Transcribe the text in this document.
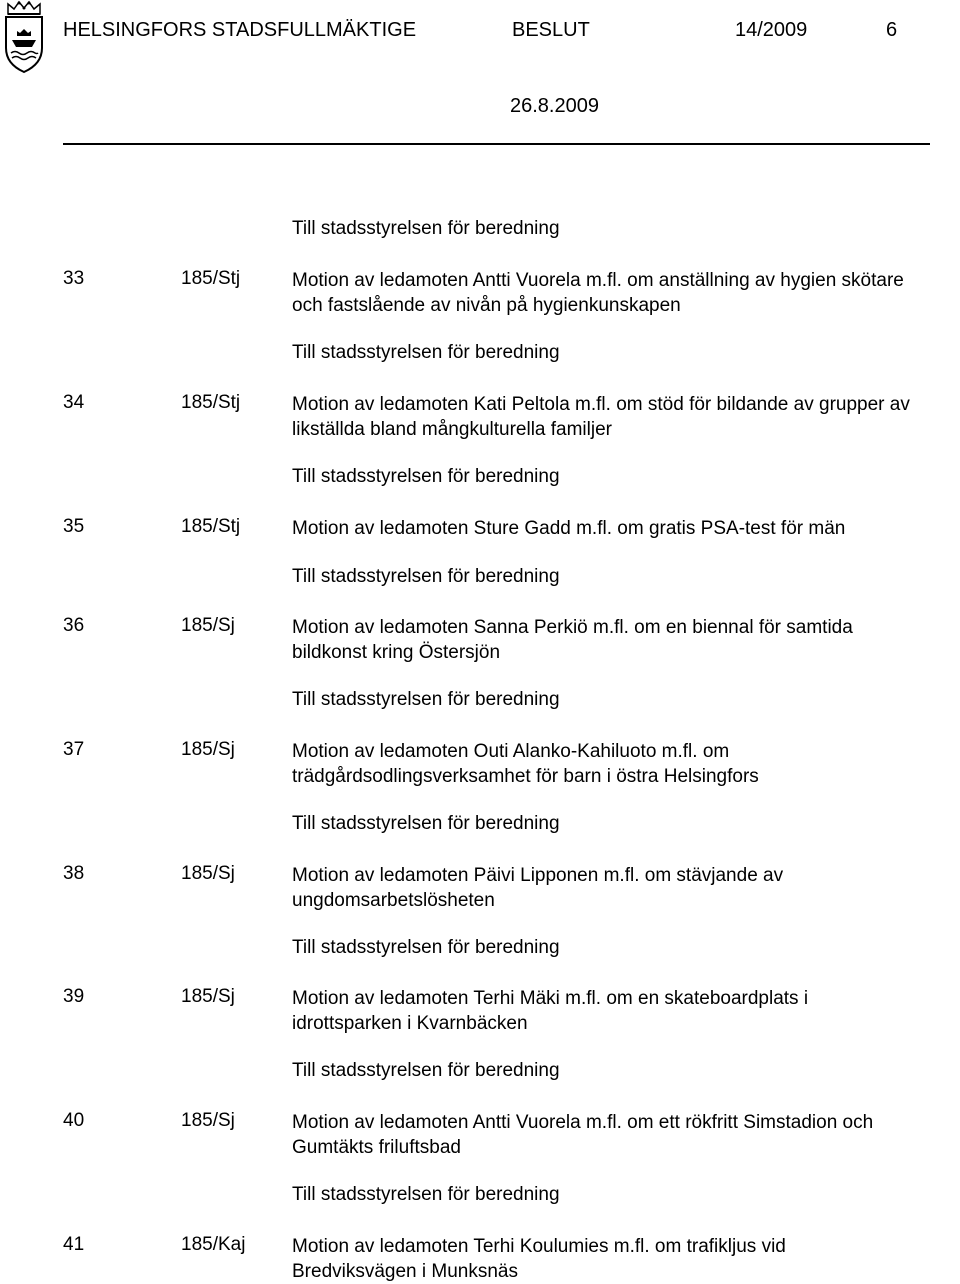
HELSINGFORS STADSFULLMÄKTIGE	BESLUT	14/2009	6
26.8.2009
Till stadsstyrelsen för beredning
33	185/Stj	Motion av ledamoten Antti Vuorela m.fl. om anställning av hygien skötare och fastslående av nivån på hygienkunskapen

Till stadsstyrelsen för beredning
34	185/Stj	Motion av ledamoten Kati Peltola m.fl. om stöd för bildande av grupper av likställda bland mångkulturella familjer

Till stadsstyrelsen för beredning
35	185/Stj	Motion av ledamoten Sture Gadd m.fl. om gratis PSA-test för män

Till stadsstyrelsen för beredning
36	185/Sj	Motion av ledamoten Sanna Perkiö m.fl. om en biennal för samtida bildkonst kring Östersjön

Till stadsstyrelsen för beredning
37	185/Sj	Motion av ledamoten Outi Alanko-Kahiluoto m.fl. om trädgårdsodlingsverksamhet för barn i östra Helsingfors

Till stadsstyrelsen för beredning
38	185/Sj	Motion av ledamoten Päivi Lipponen m.fl. om stävjande av ungdomsarbetslösheten

Till stadsstyrelsen för beredning
39	185/Sj	Motion av ledamoten Terhi Mäki m.fl. om en skateboardplats i idrottsparken i Kvarnbäcken

Till stadsstyrelsen för beredning
40	185/Sj	Motion av ledamoten Antti Vuorela m.fl. om ett rökfritt Simstadion och Gumtäkts friluftsbad

Till stadsstyrelsen för beredning
41	185/Kaj Motion av ledamoten Terhi Koulumies m.fl. om trafikljus vid Bredviksvägen i Munksnäs
